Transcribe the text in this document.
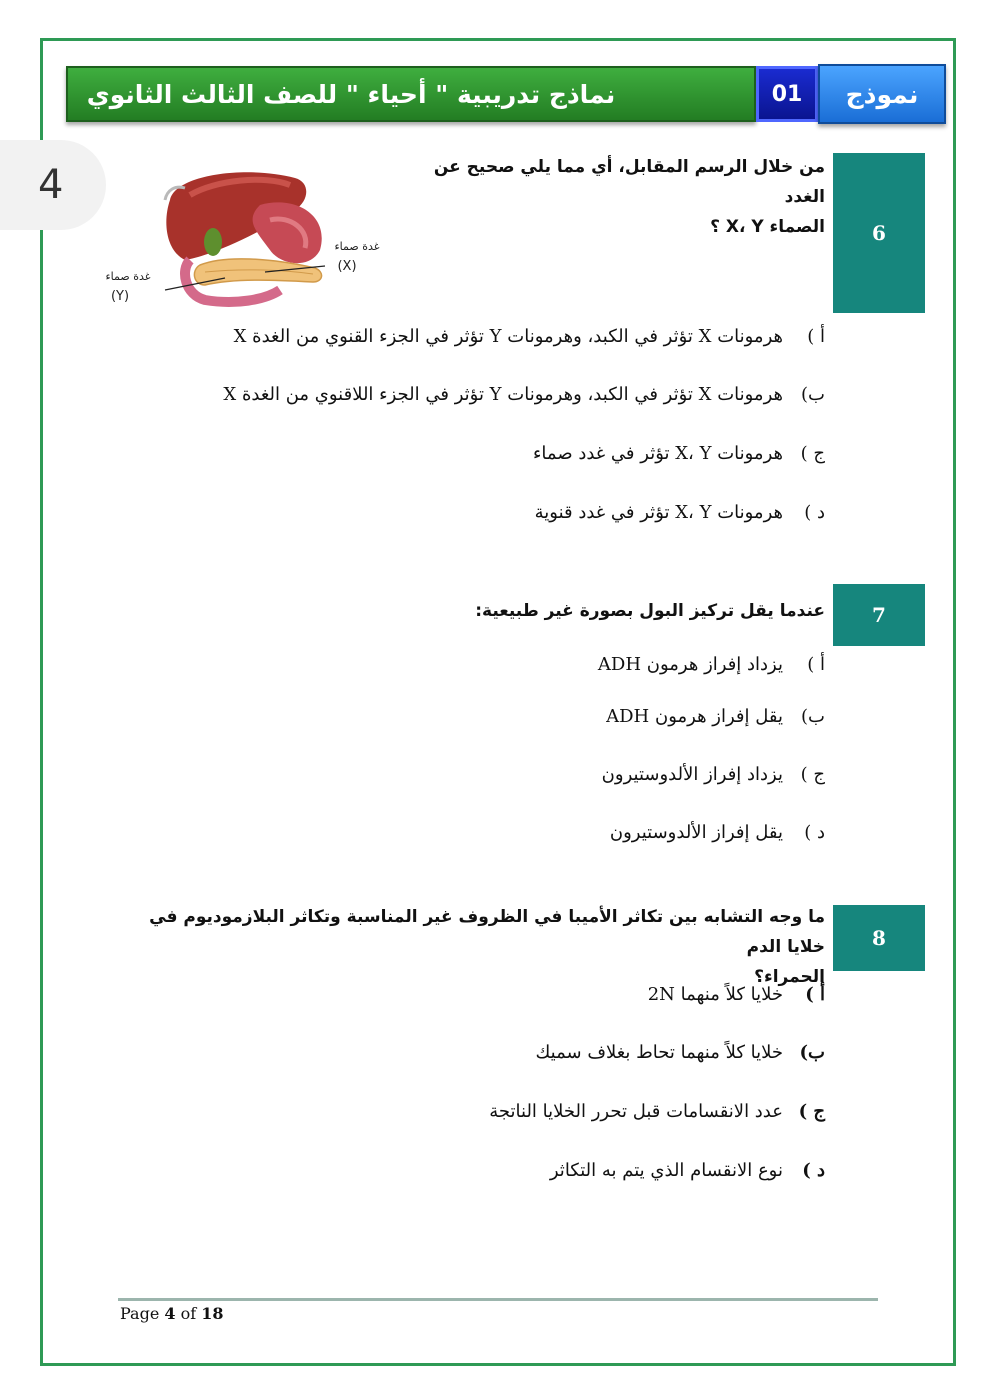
4
نماذج تدريبية " أحياء " للصف الثالث الثانوي	01	نموذج
6
من خلال الرسم المقابل، أي مما يلي صحيح عن الغدد
الصماء X، Y ؟
غدة صماء
(X)
غدة صماء
(Y)
أ )هرمونات X تؤثر في الكبد، وهرمونات Y تؤثر في الجزء القنوي من الغدة X
ب)هرمونات X تؤثر في الكبد، وهرمونات Y تؤثر في الجزء اللاقنوي من الغدة X
ج )هرمونات X، Y تؤثر في غدد صماء
د )هرمونات X، Y تؤثر في غدد قنوية
7
عندما يقل تركيز البول بصورة غير طبيعية:
أ )يزداد إفراز هرمون ADH
ب)يقل إفراز هرمون ADH
ج )يزداد إفراز الألدوستيرون
د )يقل إفراز الألدوستيرون
8
ما وجه التشابه بين تكاثر الأميبا في الظروف غير المناسبة وتكاثر البلازموديوم في خلايا الدم
الحمراء؟
أ )خلايا كلاً منهما 2N
ب)خلايا كلاً منهما تحاط بغلاف سميك
ج )عدد الانقسامات قبل تحرر الخلايا الناتجة
د )نوع الانقسام الذي يتم به التكاثر
Page 4 of 18
